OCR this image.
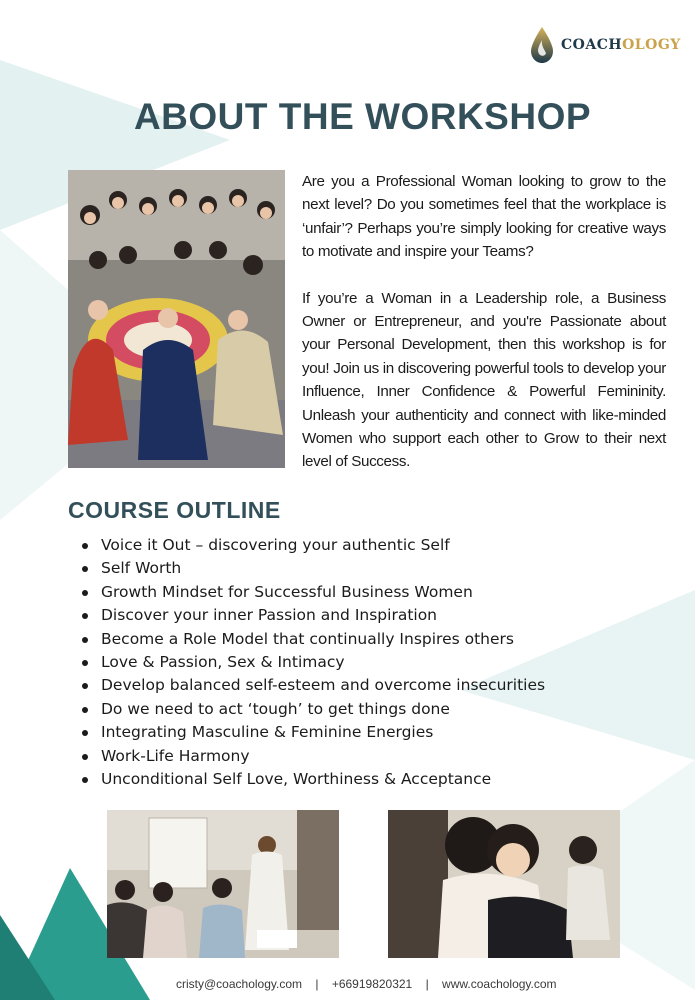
COACHOLOGY
ABOUT THE WORKSHOP

Are you a Professional Woman looking to grow to the next level? Do you sometimes feel that the workplace is ‘unfair’? Perhaps you’re simply looking for creative ways to motivate and inspire your Teams?

If you’re a Woman in a Leadership role, a Business Owner or Entrepreneur, and you're Passionate about your Personal Development, then this workshop is for you! Join us in discovering powerful tools to develop your Influence, Inner Confidence & Powerful Femininity. Unleash your authenticity and connect with like-minded Women who support each other to Grow to their next level of Success.

COURSE OUTLINE
Voice it Out – discovering your authentic Self
Self Worth
Growth Mindset for Successful Business Women
Discover your inner Passion and Inspiration
Become a Role Model that continually Inspires others
Love & Passion, Sex & Intimacy
Develop balanced self-esteem and overcome insecurities
Do we need to act ‘tough’ to get things done
Integrating Masculine & Feminine Energies
Work-Life Harmony
Unconditional Self Love, Worthiness & Acceptance
cristy@coachology.com | +66919820321 | www.coachology.com
